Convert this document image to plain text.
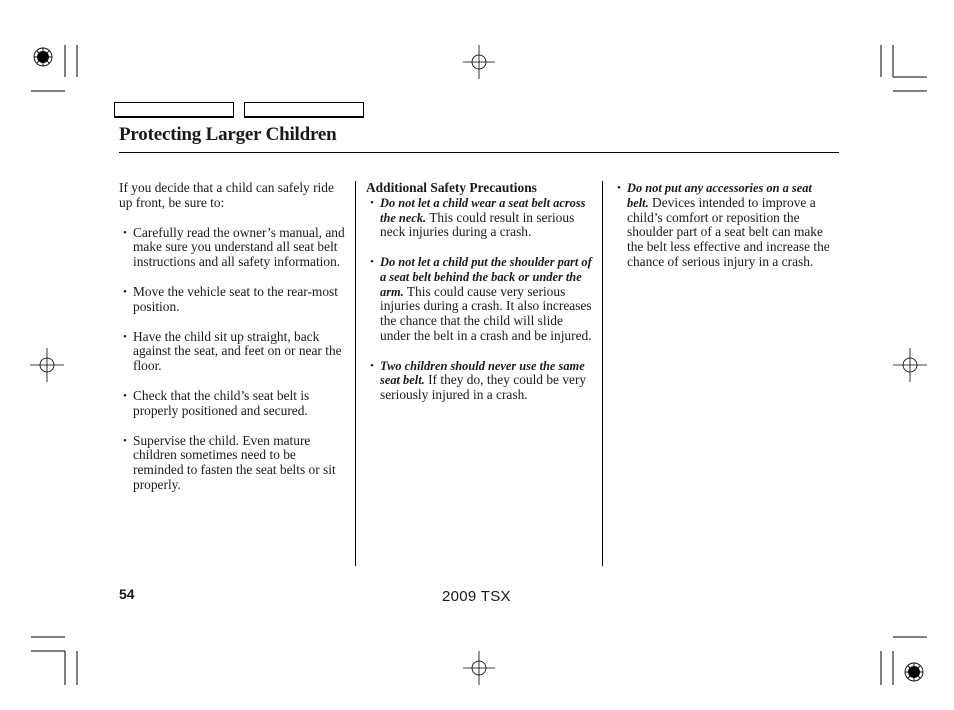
Protecting Larger Children

If you decide that a child can safely ride up front, be sure to:

• Carefully read the owner’s manual, and make sure you understand all seat belt instructions and all safety information.
• Move the vehicle seat to the rear-most position.
• Have the child sit up straight, back against the seat, and feet on or near the floor.
• Check that the child’s seat belt is properly positioned and secured.
• Supervise the child. Even mature children sometimes need to be reminded to fasten the seat belts or sit properly.

Additional Safety Precautions

• Do not let a child wear a seat belt across the neck. This could result in serious neck injuries during a crash.
• Do not let a child put the shoulder part of a seat belt behind the back or under the arm. This could cause very serious injuries during a crash. It also increases the chance that the child will slide under the belt in a crash and be injured.
• Two children should never use the same seat belt. If they do, they could be very seriously injured in a crash.
• Do not put any accessories on a seat belt. Devices intended to improve a child’s comfort or reposition the shoulder part of a seat belt can make the belt less effective and increase the chance of serious injury in a crash.
54	2009 TSX
